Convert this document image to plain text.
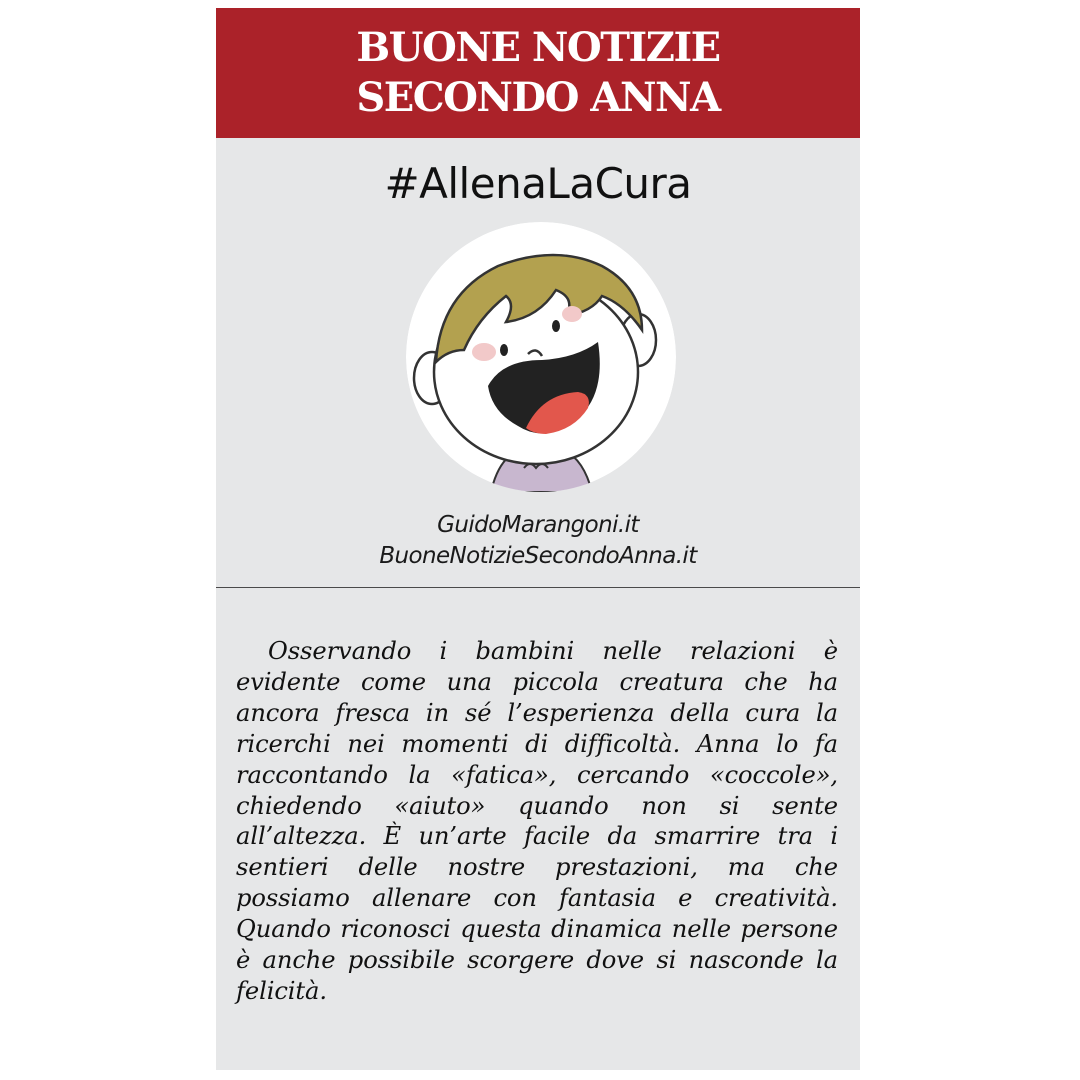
BUONE NOTIZIE
SECONDO ANNA
#AllenaLaCura
GuidoMarangoni.it
BuoneNotizieSecondoAnna.it

Osservando i bambini nelle relazioni è evidente come una piccola creatura che ha ancora fresca in sé l’esperienza della cura la ricerchi nei momenti di difficoltà. Anna lo fa raccontando la «fatica», cercando «coccole», chiedendo «aiuto» quando non si sente all’altezza. È un’arte facile da smarrire tra i sentieri delle nostre prestazioni, ma che possiamo allenare con fantasia e creatività. Quando riconosci questa dinamica nelle persone è anche possibile scorgere dove si nasconde la felicità.
